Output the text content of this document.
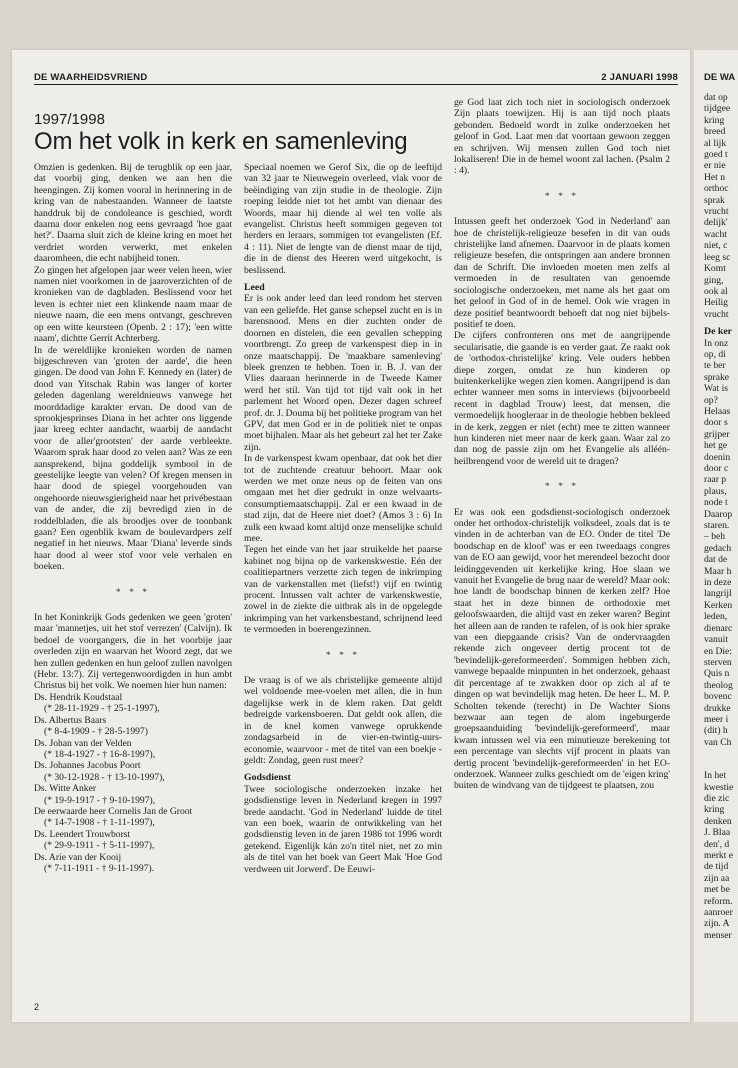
DE WAARHEIDSVRIEND	2 JANUARI 1998
1997/1998
Om het volk in kerk en samenleving

Omzien is gedenken. Bij de terugblik op een jaar, dat voorbij ging, denken we aan hen die heengingen. Zij komen vooral in herinnering in de kring van de nabestaanden. Wanneer de laatste handdruk bij de condoleance is geschied, wordt daarna door enkelen nog eens gevraagd 'hoe gaat het?'. Daarna sluit zich de kleine kring en moet het verdriet worden verwerkt, met enkelen daaromheen, die echt nabijheid tonen.

Zo gingen het afgelopen jaar weer velen heen, wier namen niet voorkomen in de jaaroverzichten of de kronieken van de dagbladen. Beslissend voor het leven is echter niet een klinkende naam maar de nieuwe naam, die een mens ontvangt, geschreven op een witte keursteen (Openb. 2 : 17); 'een witte naam', dichtte Gerrit Achterberg.

In de wereldlijke kronieken worden de namen bijgeschreven van 'groten der aarde', die heen gingen. De dood van John F. Kennedy en (later) de dood van Yitschak Rabin was langer of korter geleden dagenlang wereldnieuws vanwege het moorddadige karakter ervan. De dood van de sprookjesprinses Diana in het achter ons liggende jaar kreeg echter aandacht, waarbij de aandacht voor de aller'grootsten' der aarde verbleekte. Waarom sprak haar dood zo velen aan? Was ze een aansprekend, bijna goddelijk symbool in de geestelijke leegte van velen? Of kregen mensen in haar dood de spiegel voorgehouden van ongehoorde nieuwsgierigheid naar het privébestaan van de ander, die zij bevredigd zien in de roddelbladen, die als broodjes over de toonbank gaan? Een ogenblik kwam de boulevardpers zelf negatief in het nieuws. Maar 'Diana' leverde sinds haar dood al weer stof voor vele verhalen en boeken.

* * *

In het Koninkrijk Gods gedenken we geen 'groten' maar 'mannetjes, uit het stof verrezen' (Calvijn). Ik bedoel de voorgangers, die in het voorbije jaar overleden zijn en waarvan het Woord zegt, dat we hen zullen gedenken en hun geloof zullen navolgen (Hebr. 13:7). Zij vertegenwoordigden in hun ambt Christus bij het volk. We noemen hier hun namen:

Ds. Hendrik Koudstaal
(* 28-11-1929 - † 25-1-1997),
Ds. Albertus Baars
(* 8-4-1909 - † 28-5-1997)
Ds. Johan van der Velden
(* 18-4-1927 - † 16-8-1997),
Ds. Johannes Jacobus Poort
(* 30-12-1928 - † 13-10-1997),
Ds. Witte Anker
(* 19-9-1917 - † 9-10-1997),
De eerwaarde heer Cornelis Jan de Groot
(* 14-7-1908 - † 1-11-1997),
Ds. Leendert Trouwborst
(* 29-9-1911 - † 5-11-1997),
Ds. Arie van der Kooij
(* 7-11-1911 - † 9-11-1997).

Speciaal noemen we Gerof Six, die op de leeftijd van 32 jaar te Nieuwegein overleed, vlak voor de beëindiging van zijn studie in de theologie. Zijn roeping leidde niet tot het ambt van dienaar des Woords, maar hij diende al wel ten volle als evangelist. Christus heeft sommigen gegeven tot herders en leraars, sommigen tot evangelisten (Ef. 4 : 11). Niet de lengte van de dienst maar de tijd, die in de dienst des Heeren werd uitgekocht, is beslissend.

Leed

Er is ook ander leed dan leed rondom het sterven van een geliefde. Het ganse schepsel zucht en is in barensnood. Mens en dier zuchten onder de doornen en distelen, die een gevallen schepping voortbrengt. Zo greep de varkenspest diep in in onze maatschappij. De 'maakbare samenleving' bleek grenzen te hebben. Toen ir. B. J. van der Vlies daaraan herinnerde in de Tweede Kamer werd het stil. Van tijd tot tijd valt ook in het parlement het Woord open. Dezer dagen schreef prof. dr. J. Douma bij het politieke program van het GPV, dat men God er in de politiek niet te onpas moet bijhalen. Maar als het gebeurt zal het ter Zake zijn.

In de varkenspest kwam openbaar, dat ook het dier tot de zuchtende creatuur behoort. Maar ook werden we met onze neus op de feiten van ons omgaan met het dier gedrukt in onze welvaarts-consumptiemaatschappij. Zal er een kwaad in de stad zijn, dat de Heere niet doet? (Amos 3 : 6) In zulk een kwaad komt altijd onze menselijke schuld mee.

Tegen het einde van het jaar struikelde het paarse kabinet nog bijna op de varkenskwestie. Eén der coalitiepartners verzette zich tegen de inkrimping van de varkenstallen met (liefst!) vijf en twintig procent. Intussen valt achter de varkenskwestie, zowel in de ziekte die uitbrak als in de opgelegde inkrimping van het varkensbestand, schrijnend leed te vermoeden in boerengezinnen.

* * *

De vraag is of we als christelijke gemeente altijd wel voldoende mee-voelen met allen, die in hun dagelijkse werk in de klem raken. Dat geldt bedreigde varkensboeren. Dat geldt ook allen, die in de knel komen vanwege oprukkende zondagsarbeid in de vier-en-twintig-uurs-economie, waarvoor - met de titel van een boekje - geldt: Zondag, geen rust meer?

Godsdienst

Twee sociologische onderzoeken inzake het godsdienstige leven in Nederland kregen in 1997 brede aandacht. 'God in Nederland' luidde de titel van een boek, waarin de ontwikkeling van het godsdienstig leven in de jaren 1986 tot 1996 wordt getekend. Eigenlijk kán zo'n titel niet, net zo min als de titel van het boek van Geert Mak 'Hoe God verdween uit Jorwerd'. De Eeuwi-

ge God laat zich toch niet in sociologisch onderzoek Zijn plaats toewijzen. Hij is aan tijd noch plaats gebonden. Bedoeld wordt in zulke onderzoeken het geloof in God. Laat men dat voortaan gewoon zeggen en schrijven. Wij mensen zullen God toch niet lokaliseren! Die in de hemel woont zal lachen. (Psalm 2 : 4).

* * *

Intussen geeft het onderzoek 'God in Nederland' aan hoe de christelijk-religieuze besefen in dit van ouds christelijke land afnemen. Daarvoor in de plaats komen religieuze besefen, die ontspringen aan andere bronnen dan de Schrift. Die invloeden moeten men zelfs al vermoeden in de resultaten van genoemde sociologische onderzoeken, met name als het gaat om het geloof in God of in de hemel. Ook wie vragen in deze positief beantwoordt behoeft dat nog niet bijbels-positief te doen.

De cijfers confronteren ons met de aangrijpende secularisatie, die gaande is en verder gaat. Ze raakt ook de 'orthodox-christelijke' kring. Vele ouders hebben diepe zorgen, omdat ze hun kinderen op buitenkerkelijke wegen zien komen. Aangrijpend is dan echter wanneer men soms in interviews (bijvoorbeeld recent in dagblad Trouw) leest, dat mensen, die vermoedelijk hoogleraar in de theologie hebben bekleed in de kerk, zeggen er niet (echt) mee te zitten wanneer hun kinderen niet meer naar de kerk gaan. Waar zal zo dan nog de passie zijn om het Evangelie als alléén-heilbrengend voor de wereld uit te dragen?

* * *

Er was ook een godsdienst-sociologisch onderzoek onder het orthodox-christelijk volksdeel, zoals dat is te vinden in de achterban van de EO. Onder de titel 'De boodschap en de kloof' was er een tweedaags congres van de EO aan gewijd, voor het merendeel bezocht door leidinggevenden uit kerkelijke kring. Hoe slaan we vanuit het Evangelie de brug naar de wereld? Maar ook: hoe landt de boodschap binnen de kerken zelf? Hoe staat het in deze binnen de orthodoxie met geloofswaarden, die altijd vast en zeker waren? Begint het alleen aan de randen te rafelen, of is ook hier sprake van een diepgaande crisis? Van de ondervraagden rekende zich ongeveer dertig procent tot de 'bevindelijk-gereformeerden'. Sommigen hebben zich, vanwege bepaalde minpunten in het onderzoek, gehaast dit percentage af te zwakken door op zich al af te dingen op wat bevindelijk mag heten. De heer L. M. P. Scholten tekende (terecht) in De Wachter Sions bezwaar aan tegen de alom ingeburgerde groepsaanduiding 'bevindelijk-gereformeerd', maar kwam intussen wel via een minutieuze berekening tot een percentage van slechts vijf procent in plaats van dertig procent 'bevindelijk-gereformeerden' in het EO-onderzoek. Wanneer zulks geschiedt om de 'eigen kring' buiten de windvang van de tijdgeest te plaatsen, zou

2
DE WA
dat op
tijdgee
kring
breed
al lijk
goed t
er nie
Het n
orthoc
sprak
vrucht
delijk'
wacht
niet, c
leeg sc
Komt
ging,
ook al
Heilig
vrucht
De ker
In onz
op, di
te ber
sprake
Wat is
op?
Helaas
door s
grijper
het ge
doenin
door c
raar p
plaus,
node t
Daarop
staren.
– beh
gedach
dat de
Maar h
in deze
langrijl
Kerken
leden,
dienarc
vanuit
en Die:
sterven
Quis n
theolog
bovenc
drukke
meer i
(dit) h
van Ch
In het
kwestie
die zic
kring
denken
J. Blaa
den', d
merkt e
de tijd
zijn aa
met be
reform.
aanroer
zijn. A
menser
